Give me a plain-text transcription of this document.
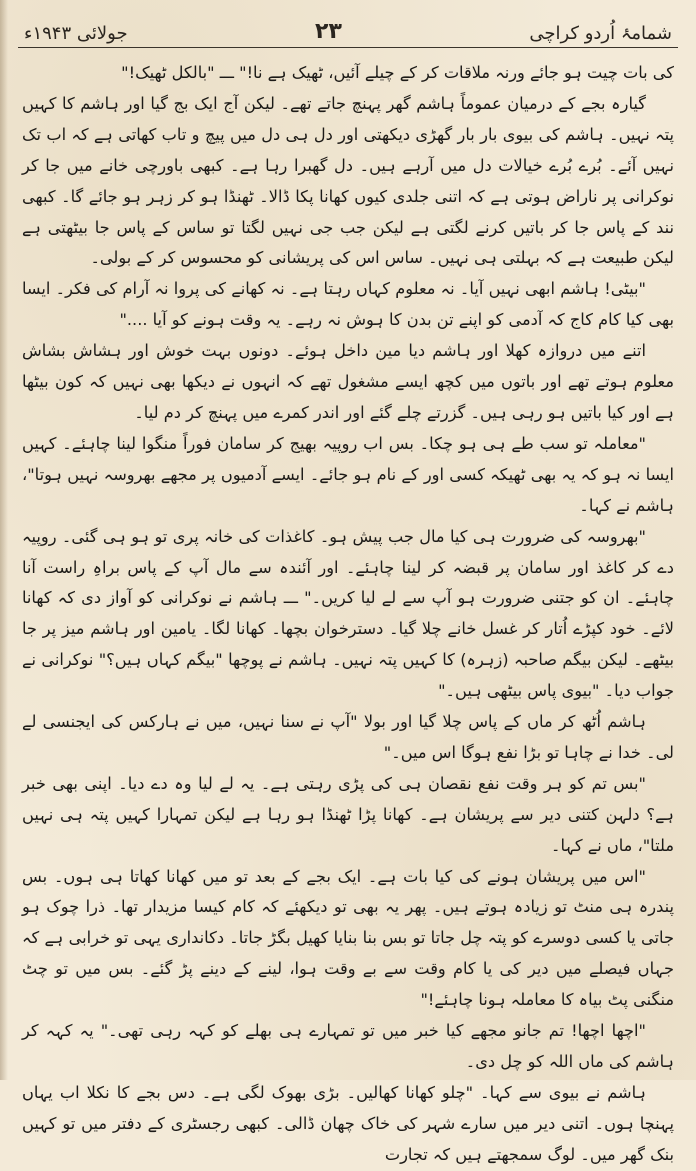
جولائی ۱۹۴۳ء	۲۳	شمامۂ اُردو کراچی

کی بات چیت ہو جائے ورنہ ملاقات کر کے چیلے آئیں، ٹھیک ہے نا!" ـــ "بالکل ٹھیک!"

گیارہ بجے کے درمیان عموماً ہاشم گھر پہنچ جاتے تھے۔ لیکن آج ایک بج گیا اور ہاشم کا کہیں پتہ نہیں۔ ہاشم کی بیوی بار بار گھڑی دیکھتی اور دل ہی دل میں پیچ و تاب کھاتی ہے کہ اب تک نہیں آئے۔ بُرے بُرے خیالات دل میں آرہے ہیں۔ دل گھبرا رہا ہے۔ کبھی باورچی خانے میں جا کر نوکرانی پر ناراض ہوتی ہے کہ اتنی جلدی کیوں کھانا پکا ڈالا۔ ٹھنڈا ہو کر زہر ہو جائے گا۔ کبھی نند کے پاس جا کر باتیں کرنے لگتی ہے لیکن جب جی نہیں لگتا تو ساس کے پاس جا بیٹھتی ہے لیکن طبیعت ہے کہ بہلتی ہی نہیں۔ ساس اس کی پریشانی کو محسوس کر کے بولی۔

"بیٹی! ہاشم ابھی نہیں آیا۔ نہ معلوم کہاں رہتا ہے۔ نہ کھانے کی پروا نہ آرام کی فکر۔ ایسا بھی کیا کام کاج کہ آدمی کو اپنے تن بدن کا ہوش نہ رہے۔ یہ وقت ہونے کو آیا ...."

اتنے میں دروازہ کھلا اور ہاشم دیا مین داخل ہوئے۔ دونوں بہت خوش اور ہشاش بشاش معلوم ہوتے تھے اور باتوں میں کچھ ایسے مشغول تھے کہ انہوں نے دیکھا بھی نہیں کہ کون بیٹھا ہے اور کیا باتیں ہو رہی ہیں۔ گزرتے چلے گئے اور اندر کمرے میں پہنچ کر دم لیا۔

"معاملہ تو سب طے ہی ہو چکا۔ بس اب روپیہ بھیج کر سامان فوراً منگوا لینا چاہئے۔ کہیں ایسا نہ ہو کہ یہ بھی ٹھیکہ کسی اور کے نام ہو جائے۔ ایسے آدمیوں پر مجھے بھروسہ نہیں ہوتا"، ہاشم نے کہا۔

"بھروسہ کی ضرورت ہی کیا مال جب پیش ہو۔ کاغذات کی خانہ پری تو ہو ہی گئی۔ روپیہ دے کر کاغذ اور سامان پر قبضہ کر لینا چاہئے۔ اور آئندہ سے مال آپ کے پاس براہِ راست آنا چاہئے۔ ان کو جتنی ضرورت ہو آپ سے لے لیا کریں۔" ـــ ہاشم نے نوکرانی کو آواز دی کہ کھانا لائے۔ خود کپڑے اُتار کر غسل خانے چلا گیا۔ دسترخوان بچھا۔ کھانا لگا۔ یامین اور ہاشم میز پر جا بیٹھے۔ لیکن بیگم صاحبہ (زہرہ) کا کہیں پتہ نہیں۔ ہاشم نے پوچھا "بیگم کہاں ہیں؟" نوکرانی نے جواب دیا۔ "بیوی پاس بیٹھی ہیں۔"

ہاشم اُٹھ کر ماں کے پاس چلا گیا اور بولا "آپ نے سنا نہیں، میں نے ہارکس کی ایجنسی لے لی۔ خدا نے چاہا تو بڑا نفع ہوگا اس میں۔"

"بس تم کو ہر وقت نفع نقصان ہی کی پڑی رہتی ہے۔ یہ لے لیا وہ دے دیا۔ اپنی بھی خبر ہے؟ دلہن کتنی دیر سے پریشان ہے۔ کھانا پڑا ٹھنڈا ہو رہا ہے لیکن تمہارا کہیں پتہ ہی نہیں ملتا"، ماں نے کہا۔

"اس میں پریشان ہونے کی کیا بات ہے۔ ایک بجے کے بعد تو میں کھانا کھاتا ہی ہوں۔ بس پندرہ ہی منٹ تو زیادہ ہوتے ہیں۔ پھر یہ بھی تو دیکھئے کہ کام کیسا مزیدار تھا۔ ذرا چوک ہو جاتی یا کسی دوسرے کو پتہ چل جاتا تو بس بنا بنایا کھیل بگڑ جاتا۔ دکانداری یہی تو خرابی ہے کہ جہاں فیصلے میں دیر کی یا کام وقت سے بے وقت ہوا، لینے کے دینے پڑ گئے۔ بس میں تو چٹ منگنی پٹ بیاہ کا معاملہ ہونا چاہئے!"

"اچھا اچھا! تم جانو مجھے کیا خبر میں تو تمہارے ہی بھلے کو کہہ رہی تھی۔" یہ کہہ کر ہاشم کی ماں اللہ کو چل دی۔

ہاشم نے بیوی سے کہا۔ "چلو کھانا کھالیں۔ بڑی بھوک لگی ہے۔ دس بجے کا نکلا اب یہاں پہنچا ہوں۔ اتنی دیر میں سارے شہر کی خاک چھان ڈالی۔ کبھی رجسٹری کے دفتر میں تو کہیں بنک گھر میں۔ لوگ سمجھتے ہیں کہ تجارت
